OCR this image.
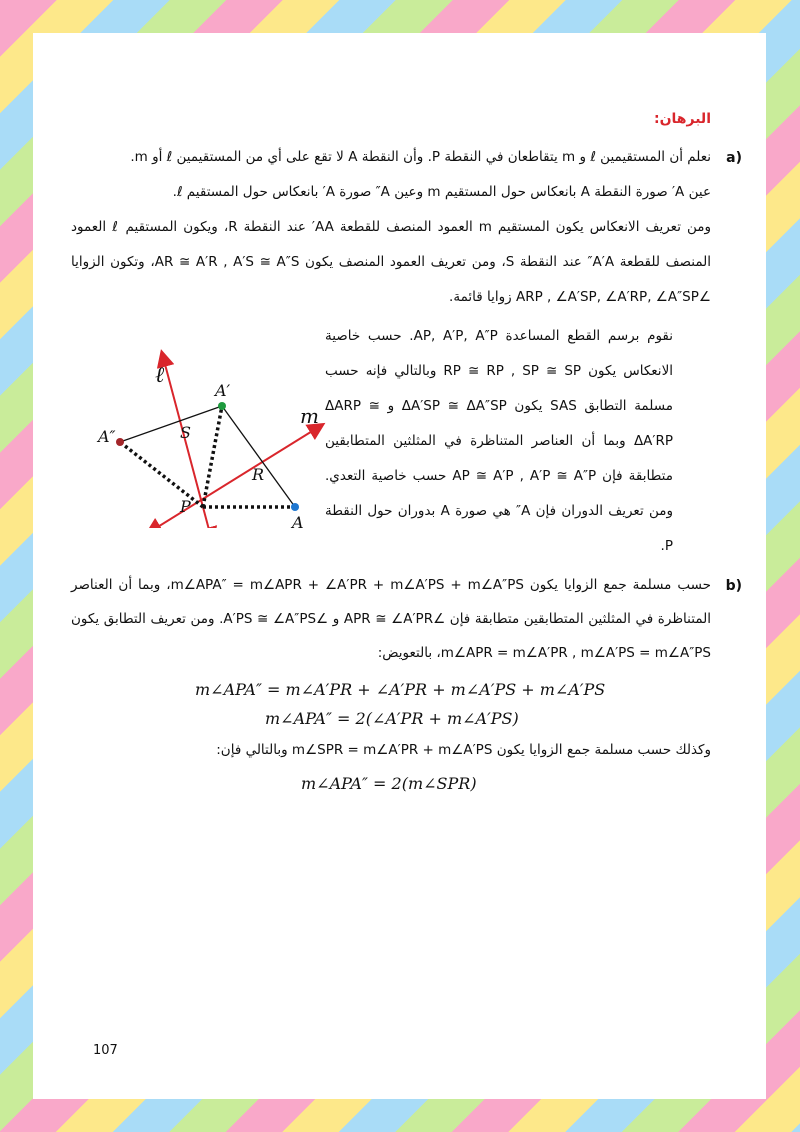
البرهان:
a)

نعلم أن المستقيمين ℓ و m يتقاطعان في النقطة P. وأن النقطة A لا تقع على أي من المستقيمين ℓ أو m.

عين A′ صورة النقطة A بانعكاس حول المستقيم m وعين A″ صورة A′ بانعكاس حول المستقيم ℓ.

ومن تعريف الانعكاس يكون المستقيم m العمود المنصف للقطعة AA′ عند النقطة R، ويكون المستقيم ℓ العمود المنصف للقطعة A′A″ عند النقطة S، ومن تعريف العمود المنصف يكون AR ≅ A′R , A′S ≅ A″S، وتكون الزوايا ∠ARP , ∠A′SP, ∠A′RP, ∠A″SP زوايا قائمة.

نقوم برسم القطع المساعدة AP, A′P, A″P. حسب خاصية الانعكاس يكون RP ≅ RP , SP ≅ SP وبالتالي فإنه حسب مسلمة التطابق SAS يكون ΔA′SP ≅ ΔA″SP و ΔARP ≅ ΔA′RP وبما أن العناصر المتناظرة في المثلثين المتطابقين متطابقة فإن AP ≅ A′P , A′P ≅ A″P حسب خاصية التعدي. ومن تعريف الدوران فإن A″ هي صورة A بدوران حول النقطة P.

ℓ
m
A′
A″	S
R
P
A
b)

حسب مسلمة جمع الزوايا يكون m∠APA″ = m∠APR + ∠A′PR + m∠A′PS + m∠A″PS، وبما أن العناصر المتناظرة في المثلثين المتطابقين متطابقة فإن ∠APR ≅ ∠A′PR و ∠A′PS ≅ ∠A″PS. ومن تعريف التطابق يكون m∠APR = m∠A′PR , m∠A′PS = m∠A″PS، بالتعويض:

m∠APA″ = m∠A′PR + ∠A′PR + m∠A′PS + m∠A′PS
m∠APA″ = 2(∠A′PR + m∠A′PS)

وكذلك حسب مسلمة جمع الزوايا يكون m∠SPR = m∠A′PR + m∠A′PS وبالتالي فإن:

m∠APA″ = 2(m∠SPR)
107
